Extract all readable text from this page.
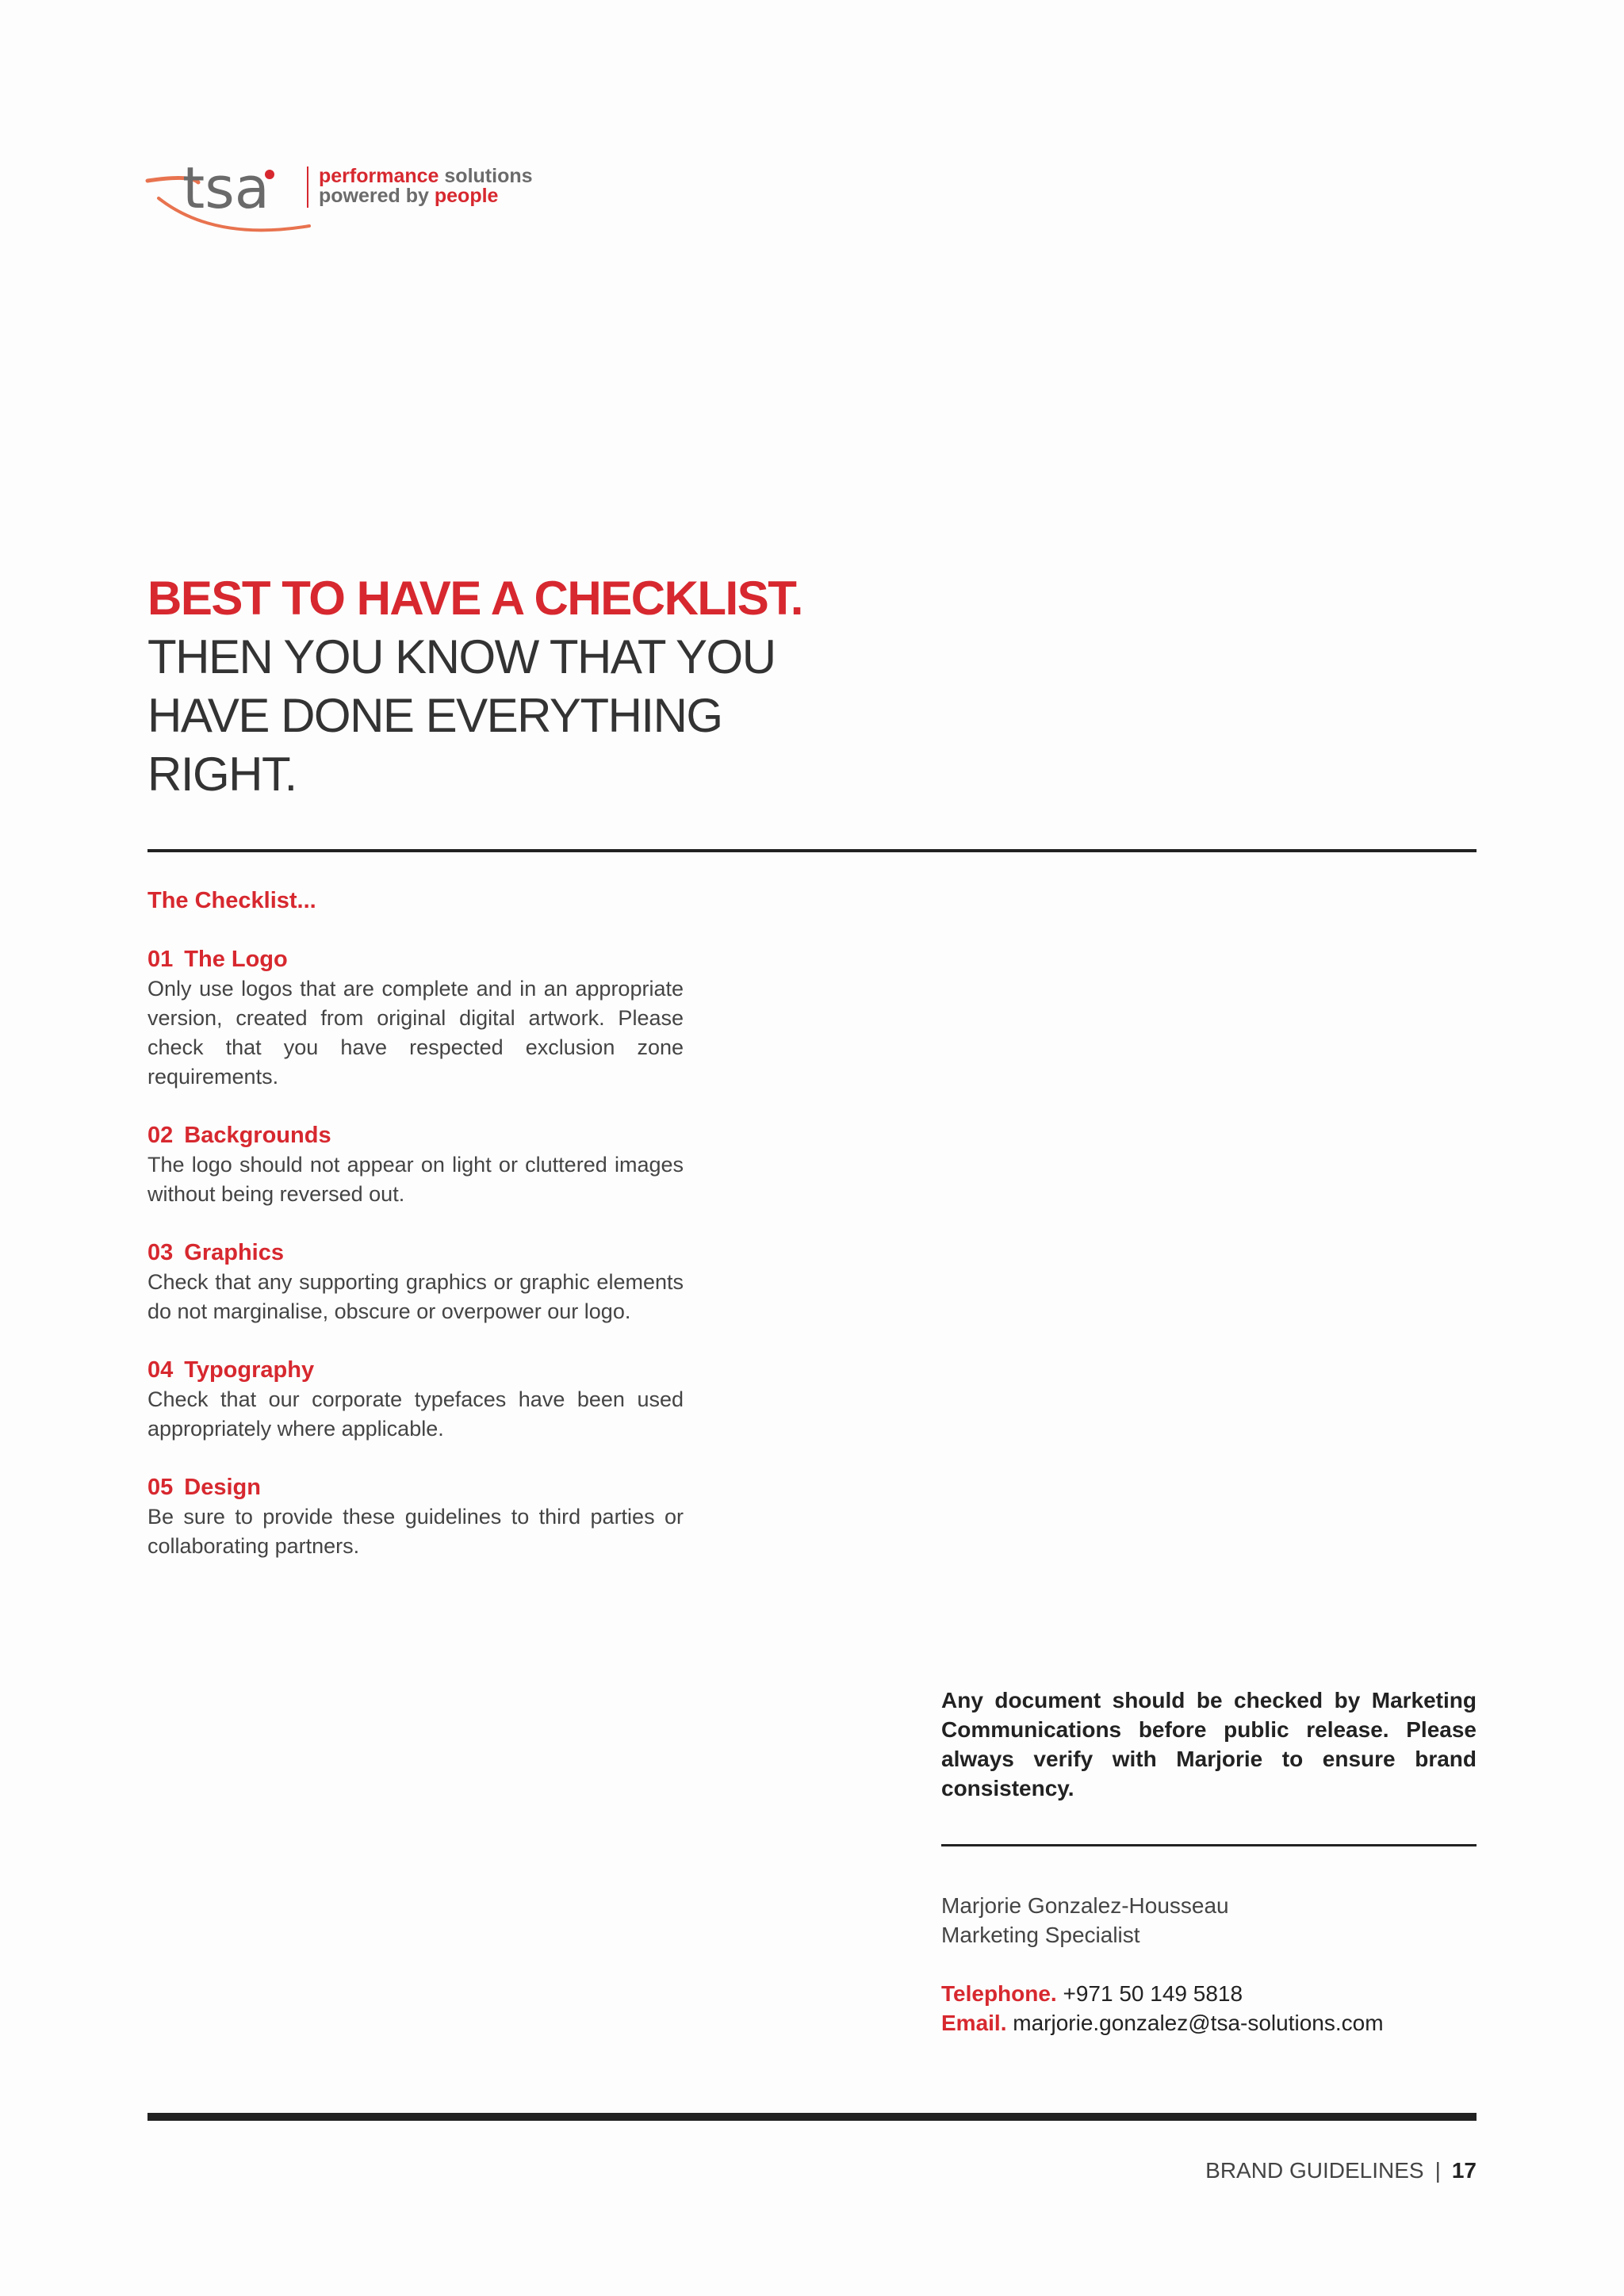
tsa performance solutions
powered by people
BEST TO HAVE A CHECKLIST. THEN YOU KNOW THAT YOU HAVE DONE EVERYTHING RIGHT.
The Checklist...
01 The Logo
Only use logos that are complete and in an appropriate version, created from original digital artwork. Please check that you have respected exclusion zone requirements.
02 Backgrounds
The logo should not appear on light or cluttered images without being reversed out.
03 Graphics
Check that any supporting graphics or graphic elements do not marginalise, obscure or overpower our logo.
04 Typography
Check that our corporate typefaces have been used appropriately where applicable.
05 Design
Be sure to provide these guidelines to third parties or collaborating partners.
Any document should be checked by Marketing Communications before public release. Please always verify with Marjorie to ensure brand consistency.
Marjorie Gonzalez-Housseau
Marketing Specialist
Telephone. +971 50 149 5818
Email. marjorie.gonzalez@tsa-solutions.com
BRAND GUIDELINES | 17
